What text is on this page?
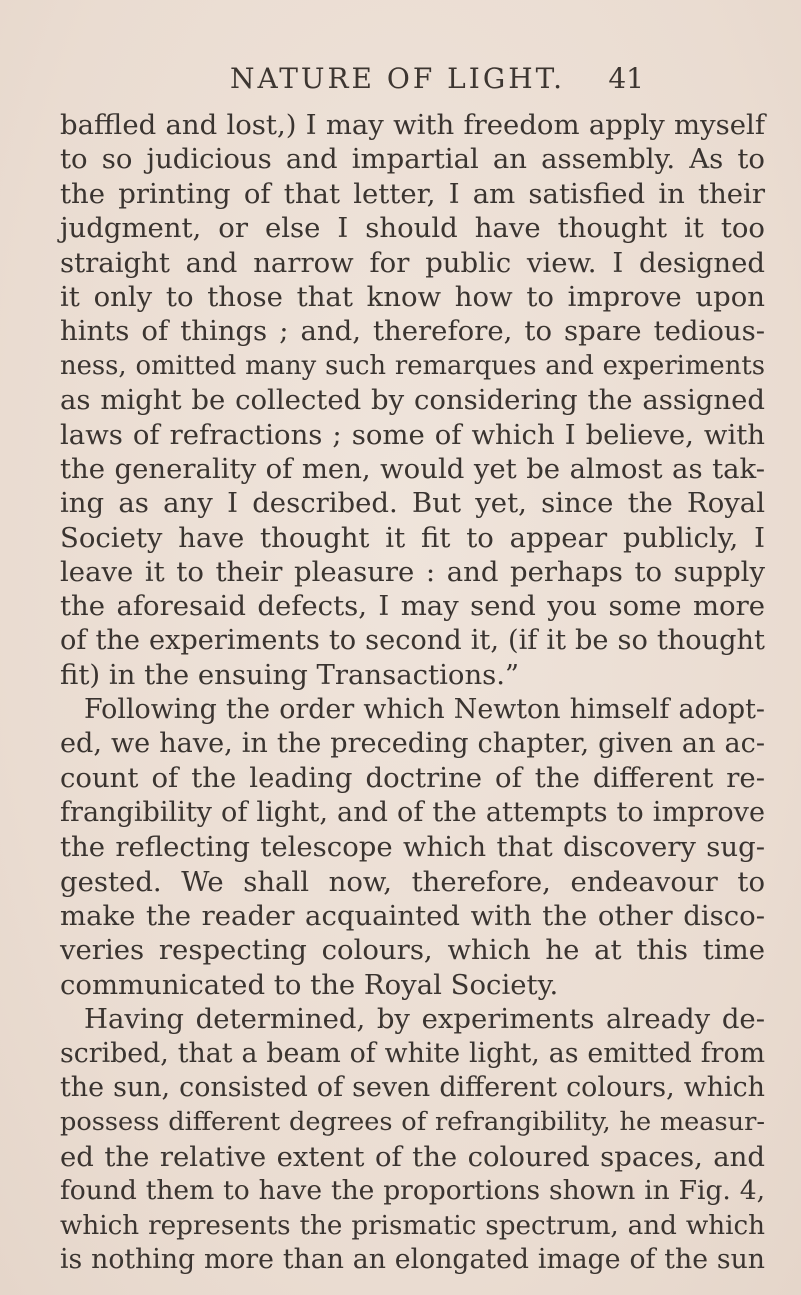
NATURE OF LIGHT. 41
baffled and lost,) I may with freedom apply myself
to so judicious and impartial an assembly. As to
the printing of that letter, I am satisfied in their
judgment, or else I should have thought it too
straight and narrow for public view. I designed
it only to those that know how to improve upon
hints of things ; and, therefore, to spare tedious-
ness, omitted many such remarques and experiments
as might be collected by considering the assigned
laws of refractions ; some of which I believe, with
the generality of men, would yet be almost as tak-
ing as any I described. But yet, since the Royal
Society have thought it fit to appear publicly, I
leave it to their pleasure : and perhaps to supply
the aforesaid defects, I may send you some more
of the experiments to second it, (if it be so thought
fit) in the ensuing Transactions.”
Following the order which Newton himself adopt-
ed, we have, in the preceding chapter, given an ac-
count of the leading doctrine of the different re-
frangibility of light, and of the attempts to improve
the reflecting telescope which that discovery sug-
gested. We shall now, therefore, endeavour to
make the reader acquainted with the other disco-
veries respecting colours, which he at this time
communicated to the Royal Society.
Having determined, by experiments already de-
scribed, that a beam of white light, as emitted from
the sun, consisted of seven different colours, which
possess different degrees of refrangibility, he measur-
ed the relative extent of the coloured spaces, and
found them to have the proportions shown in Fig. 4,
which represents the prismatic spectrum, and which
is nothing more than an elongated image of the sun
